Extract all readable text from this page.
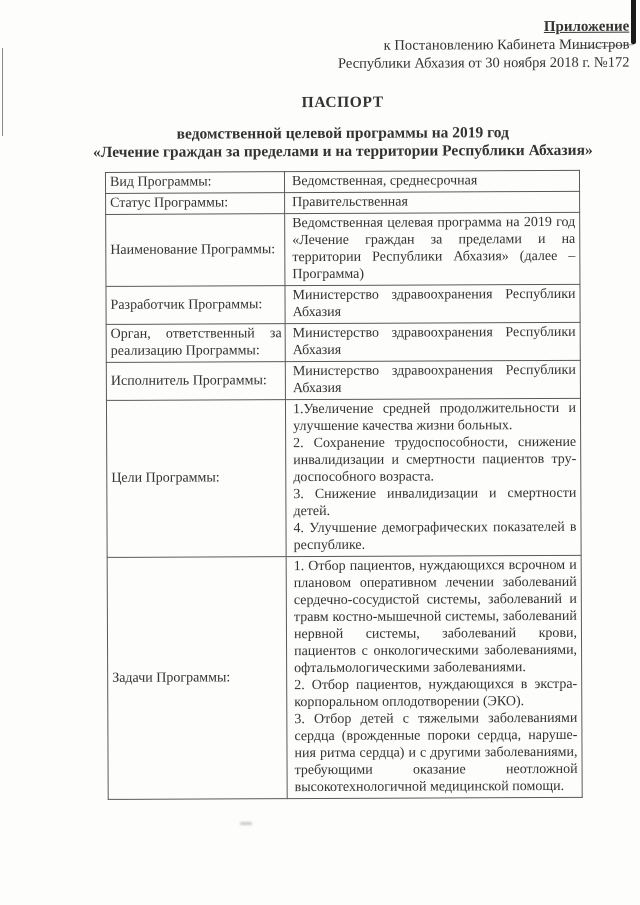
Приложение
к Постановлению Кабинета Министров
Республики Абхазия от 30 ноября 2018 г. №172
ПАСПОРТ
ведомственной целевой программы на 2019 год
«Лечение граждан за пределами и на территории Республики Абхазия»
Вид Программы:	Ведомственная, среднесрочная

Статус Программы:	Правительственная

Наименование Программы:	Ведомственная целевая программа на 2019 год «Лечение граждан за пределами и на территории Республики Абхазия» (далее – Программа)

Разработчик Программы:	Министерство здравоохранения Республики Абхазия

Орган, ответственный за реализацию Программы:	Министерство здравоохранения Республики Абхазия

Исполнитель Программы:	Министерство здравоохранения Республики Абхазия

Цели Программы:	1.Увеличение средней продолжительности и улучшение качества жизни больных.
2. Сохранение трудоспособности, снижение инвалидизации и смертности пациентов трудоспособного возраста.
3. Снижение инвалидизации и смертности детей.
4. Улучшение демографических показателей в республике.

Задачи Программы:	1. Отбор пациентов, нуждающихся всрочном и плановом оперативном лечении заболеваний сердечно-сосудистой системы, заболеваний и травм костно-мышечной системы, заболеваний нервной системы, заболеваний крови, пациентов с онкологическими заболеваниями, офтальмологическими заболеваниями.
2. Отбор пациентов, нуждающихся в экстракорпоральном оплодотворении (ЭКО).
3. Отбор детей с тяжелыми заболеваниями сердца (врожденные пороки сердца, нарушения ритма сердца) и с другими заболеваниями, требующими оказание неотложной высокотехнологичной медицинской помощи.
